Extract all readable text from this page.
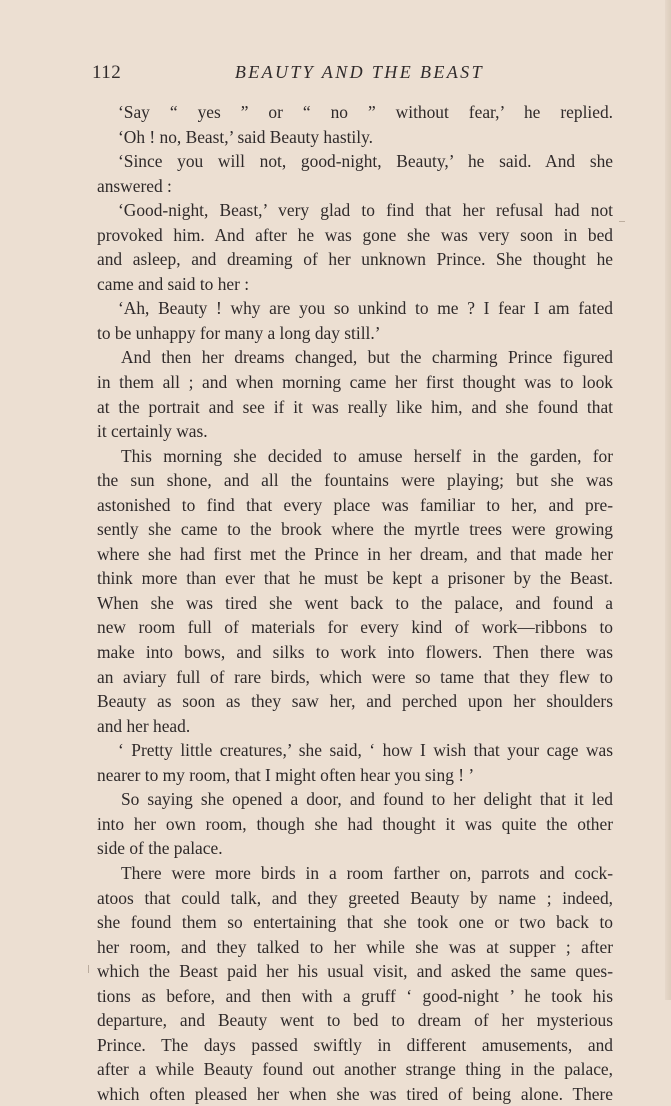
112	BEAUTY AND THE BEAST
‘Say “ yes ” or “ no ” without fear,’ he replied.
‘Oh ! no, Beast,’ said Beauty hastily.
‘Since you will not, good-night, Beauty,’ he said. And she
answered :
‘Good-night, Beast,’ very glad to find that her refusal had not
provoked him. And after he was gone she was very soon in bed
and asleep, and dreaming of her unknown Prince. She thought he
came and said to her :
‘Ah, Beauty ! why are you so unkind to me ? I fear I am fated
to be unhappy for many a long day still.’
And then her dreams changed, but the charming Prince figured
in them all ; and when morning came her first thought was to look
at the portrait and see if it was really like him, and she found that
it certainly was.
This morning she decided to amuse herself in the garden, for
the sun shone, and all the fountains were playing; but she was
astonished to find that every place was familiar to her, and pre-
sently she came to the brook where the myrtle trees were growing
where she had first met the Prince in her dream, and that made her
think more than ever that he must be kept a prisoner by the Beast.
When she was tired she went back to the palace, and found a
new room full of materials for every kind of work—ribbons to
make into bows, and silks to work into flowers. Then there was
an aviary full of rare birds, which were so tame that they flew to
Beauty as soon as they saw her, and perched upon her shoulders
and her head.
‘ Pretty little creatures,’ she said, ‘ how I wish that your cage was
nearer to my room, that I might often hear you sing ! ’
So saying she opened a door, and found to her delight that it led
into her own room, though she had thought it was quite the other
side of the palace.
There were more birds in a room farther on, parrots and cock-
atoos that could talk, and they greeted Beauty by name ; indeed,
she found them so entertaining that she took one or two back to
her room, and they talked to her while she was at supper ; after
which the Beast paid her his usual visit, and asked the same ques-
tions as before, and then with a gruff ‘ good-night ’ he took his
departure, and Beauty went to bed to dream of her mysterious
Prince. The days passed swiftly in different amusements, and
after a while Beauty found out another strange thing in the palace,
which often pleased her when she was tired of being alone. There
